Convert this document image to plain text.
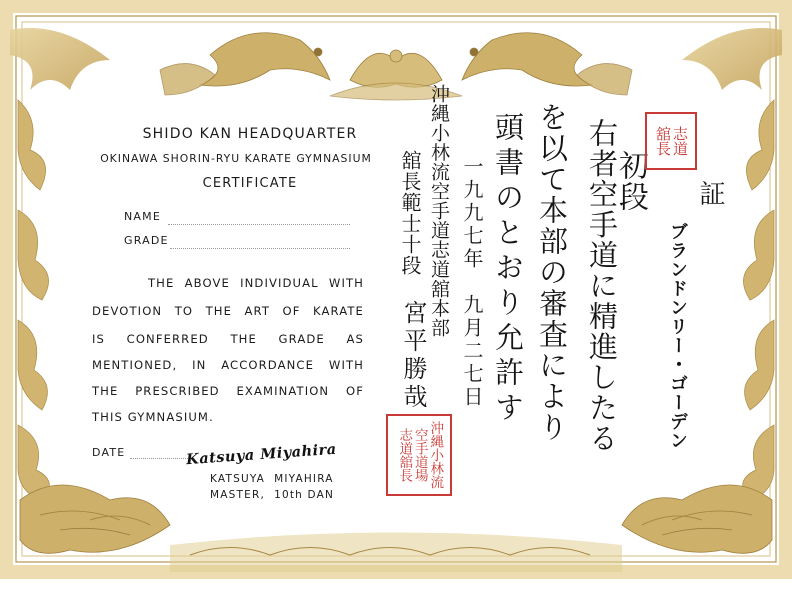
SHIDO KAN HEADQUARTER
OKINAWA SHORIN-RYU KARATE GYMNASIUM
CERTIFICATE
NAME
GRADE
THE ABOVE INDIVIDUAL WITH
DEVOTION TO THE ART OF KARATE
IS CONFERRED THE GRADE AS
MENTIONED, IN ACCORDANCE WITH
THE PRESCRIBED EXAMINATION OF
THIS GYMNASIUM.
DATE	Katsuya Miyahira
KATSUYA  MIYAHIRA
MASTER,  10th DAN
初段 証
右者空手道に精進したる	ブランドンリー・ゴーデン
を以て本部の審査により
頭書のとおり允許す
一九九七年　九月二七日
沖縄小林流空手道志道舘本部
舘長範士十段
宮平勝哉
志道
舘長
沖縄小林流
空手道場
志道舘長
